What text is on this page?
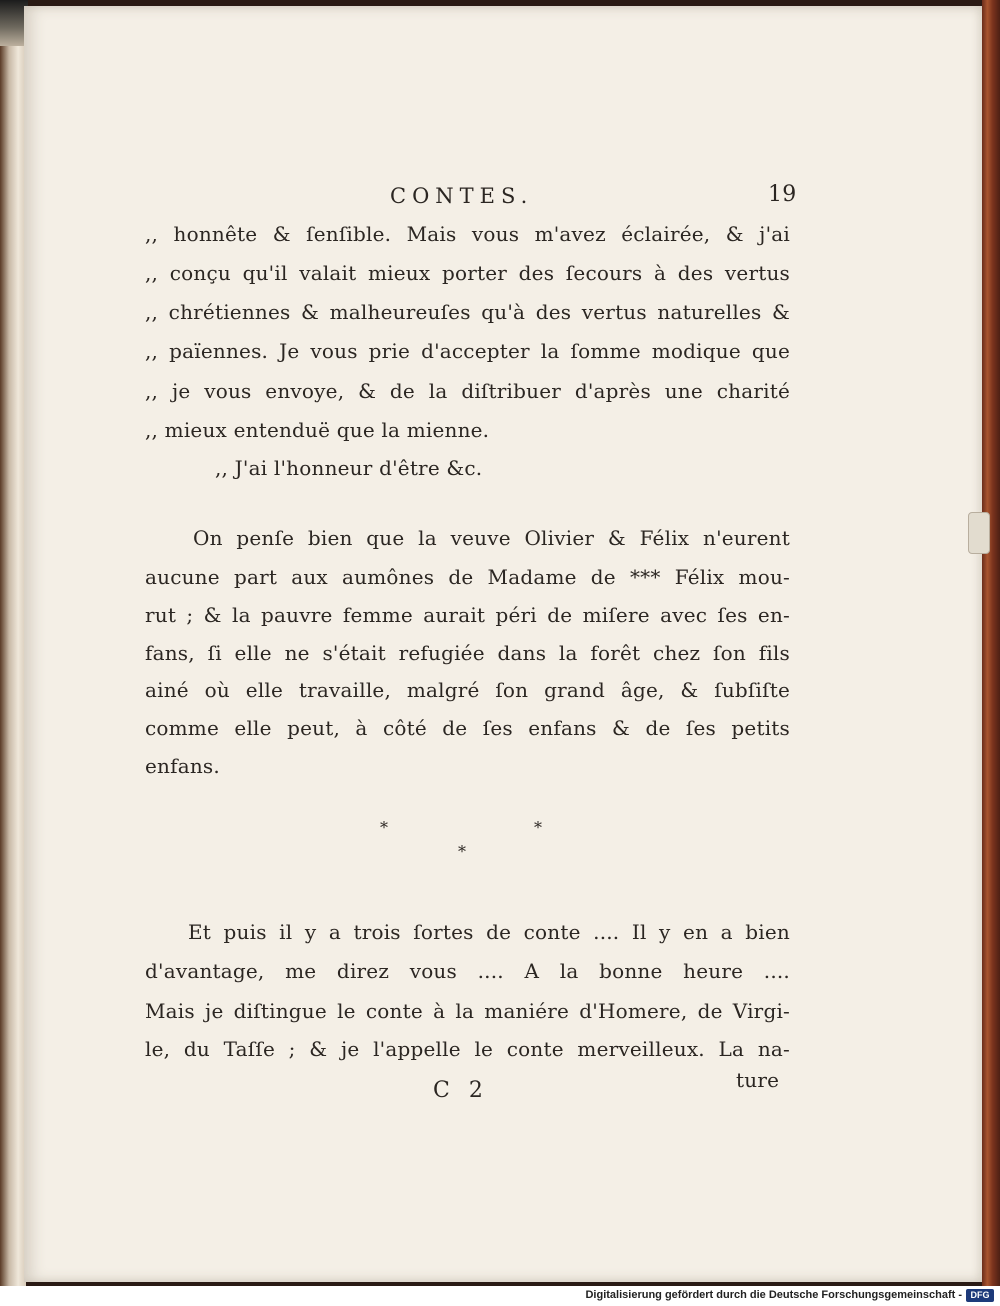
CONTES.	19
,, honnête & ſenſible. Mais vous m'avez éclairée, & j'ai
,, conçu qu'il valait mieux porter des ſecours à des vertus
,, chrétiennes & malheureuſes qu'à des vertus naturelles &
,, païennes. Je vous prie d'accepter la ſomme modique que
,, je vous envoye, & de la diſtribuer d'après une charité
,, mieux entenduë que la mienne.
,, J'ai l'honneur d'être &c.
On penſe bien que la veuve Olivier & Félix n'eurent
aucune part aux aumônes de Madame de *** Félix mou-
rut ; & la pauvre femme aurait péri de miſere avec ſes en-
fans, ſi elle ne s'était refugiée dans la forêt chez ſon fils
ainé où elle travaille, malgré ſon grand âge, & ſubſiſte
comme elle peut, à côté de ſes enfans & de ſes petits
enfans.
*	*
*
Et puis il y a trois ſortes de conte .... Il y en a bien
d'avantage, me direz vous .... A la bonne heure ....
Mais je diſtingue le conte à la maniére d'Homere, de Virgi-
le, du Taſſe ; & je l'appelle le conte merveilleux. La na-
C 2	ture
Digitalisierung gefördert durch die Deutsche Forschungsgemeinschaft - DFG
